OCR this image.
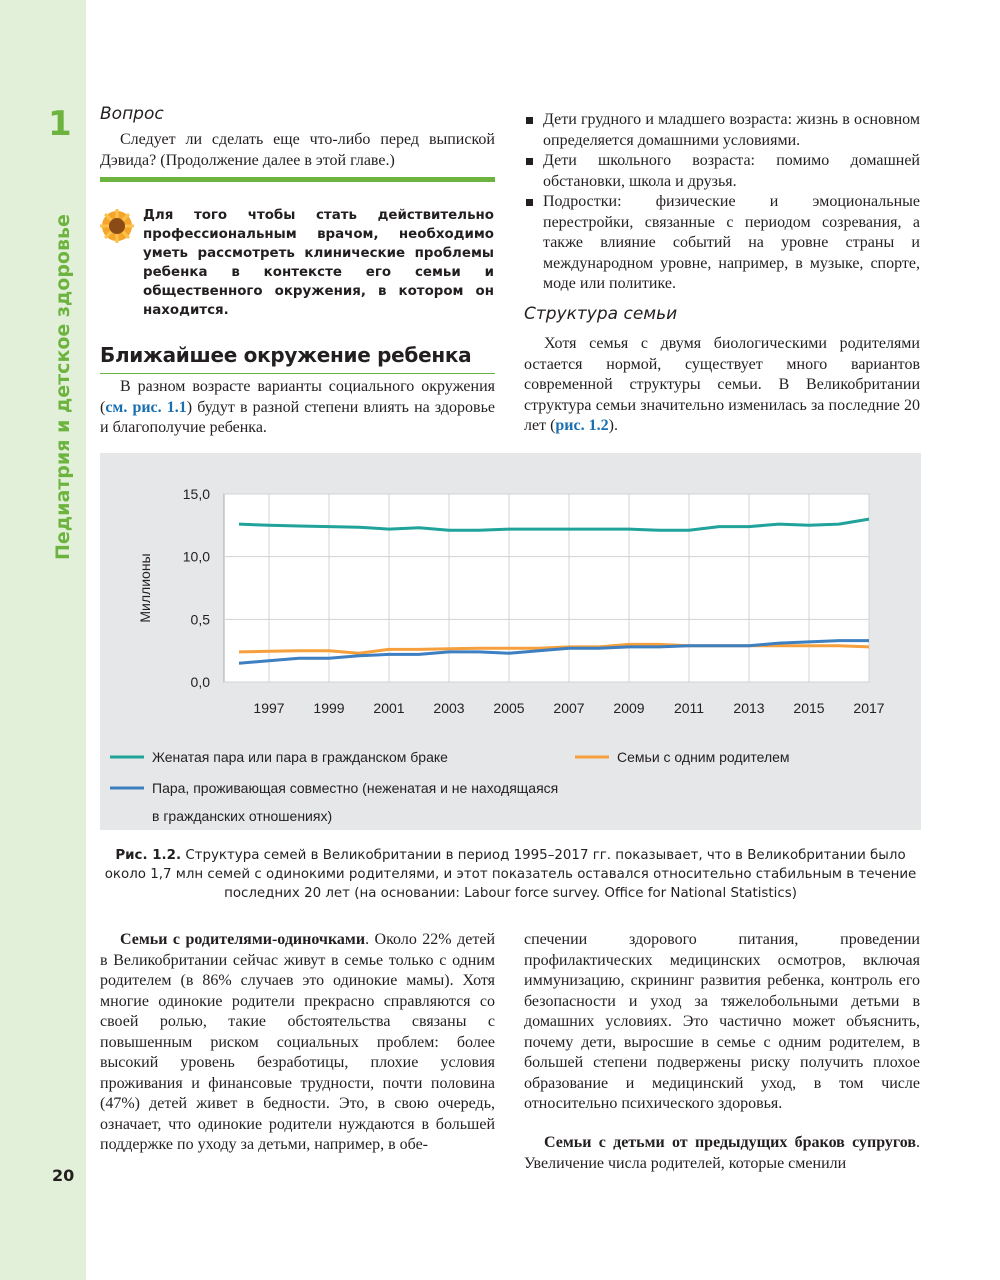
1
Педиатрия и детское здоровье
20
Вопрос
Следует ли сделать еще что-либо перед выпиской Дэвида? (Продолжение далее в этой главе.)
Для того чтобы стать действительно профессиональным врачом, необходимо уметь рассмотреть клинические проблемы ребенка в контексте его семьи и общественного окружения, в котором он находится.
Ближайшее окружение ребенка
В разном возрасте варианты социального окружения (см. рис. 1.1) будут в разной степени влиять на здоровье и благополучие ребенка.
Дети грудного и младшего возраста: жизнь в основном определяется домашними условиями.
Дети школьного возраста: помимо домашней обстановки, школа и друзья.
Подростки: физические и эмоциональные перестройки, связанные с периодом созревания, а также влияние событий на уровне страны и международном уровне, например, в музыке, спорте, моде или политике.
Структура семьи
Хотя семья с двумя биологическими родителями остается нормой, существует много вариантов современной структуры семьи. В Великобритании структура семьи значительно изменилась за последние 20 лет (рис. 1.2).
15,0
10,0
0,5
0,0
1997 1999 2001 2003 2005 2007 2009 2011 2013 2015 2017
Миллионы
Женатая пара или пара в гражданском браке	Семьи с одним родителем
Пара, проживающая совместно (неженатая и не находящаяся
в гражданских отношениях)
Рис. 1.2. Структура семей в Великобритании в период 1995–2017 гг. показывает, что в Великобритании было около 1,7 млн семей с одинокими родителями, и этот показатель оставался относительно стабильным в течение последних 20 лет (на основании: Labour force survey. Office for National Statistics)
Семьи с родителями-одиночками. Около 22% детей в Великобритании сейчас живут в семье только с одним родителем (в 86% случаев это одинокие мамы). Хотя многие одинокие родители прекрасно справляются со своей ролью, такие обстоятельства связаны с повышенным риском социальных проблем: более высокий уровень безработицы, плохие условия проживания и финансовые трудности, почти половина (47%) детей живет в бедности. Это, в свою очередь, означает, что одинокие родители нуждаются в большей поддержке по уходу за детьми, например, в обе-
спечении здорового питания, проведении профилактических медицинских осмотров, включая иммунизацию, скрининг развития ребенка, контроль его безопасности и уход за тяжелобольными детьми в домашних условиях. Это частично может объяснить, почему дети, выросшие в семье с одним родителем, в большей степени подвержены риску получить плохое образование и медицинский уход, в том числе относительно психического здоровья.
Семьи с детьми от предыдущих браков супругов. Увеличение числа родителей, которые сменили
